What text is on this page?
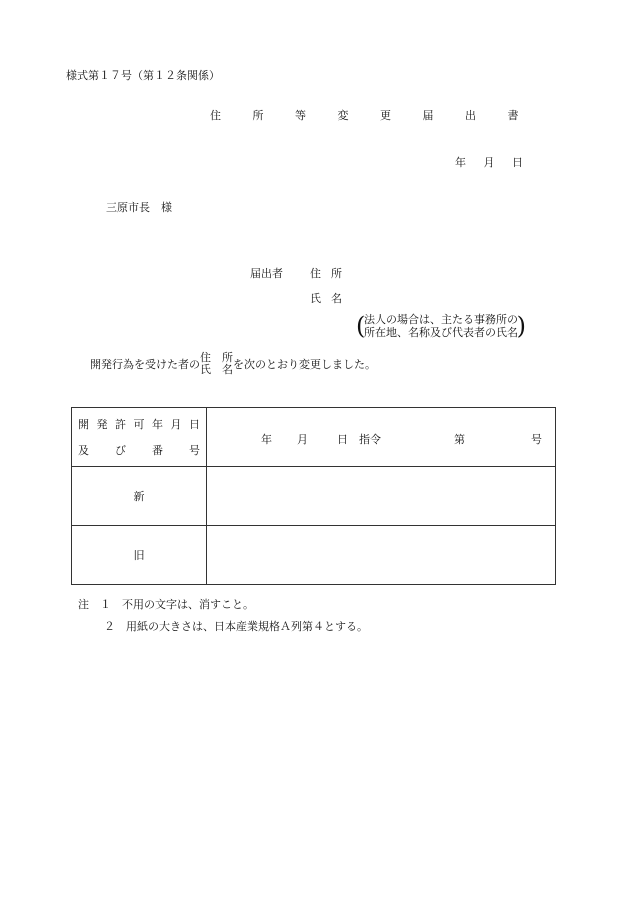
様式第１７号（第１２条関係）
住 所 等 変 更 届 出 書
年 月 日
三原市長　様
届出者 住所
氏名
(
法人の場合は、主たる事務所の
所在地、名称及び代表者の氏名
)
開発行為を受けた者の
住　所
氏　名 を次のとおり変更しました。
開発許可年月日
及び番号	年 月 日　指令 第 号

新	
旧	
注　１　不用の文字は、消すこと。
２　用紙の大きさは、日本産業規格Ａ列第４とする。
